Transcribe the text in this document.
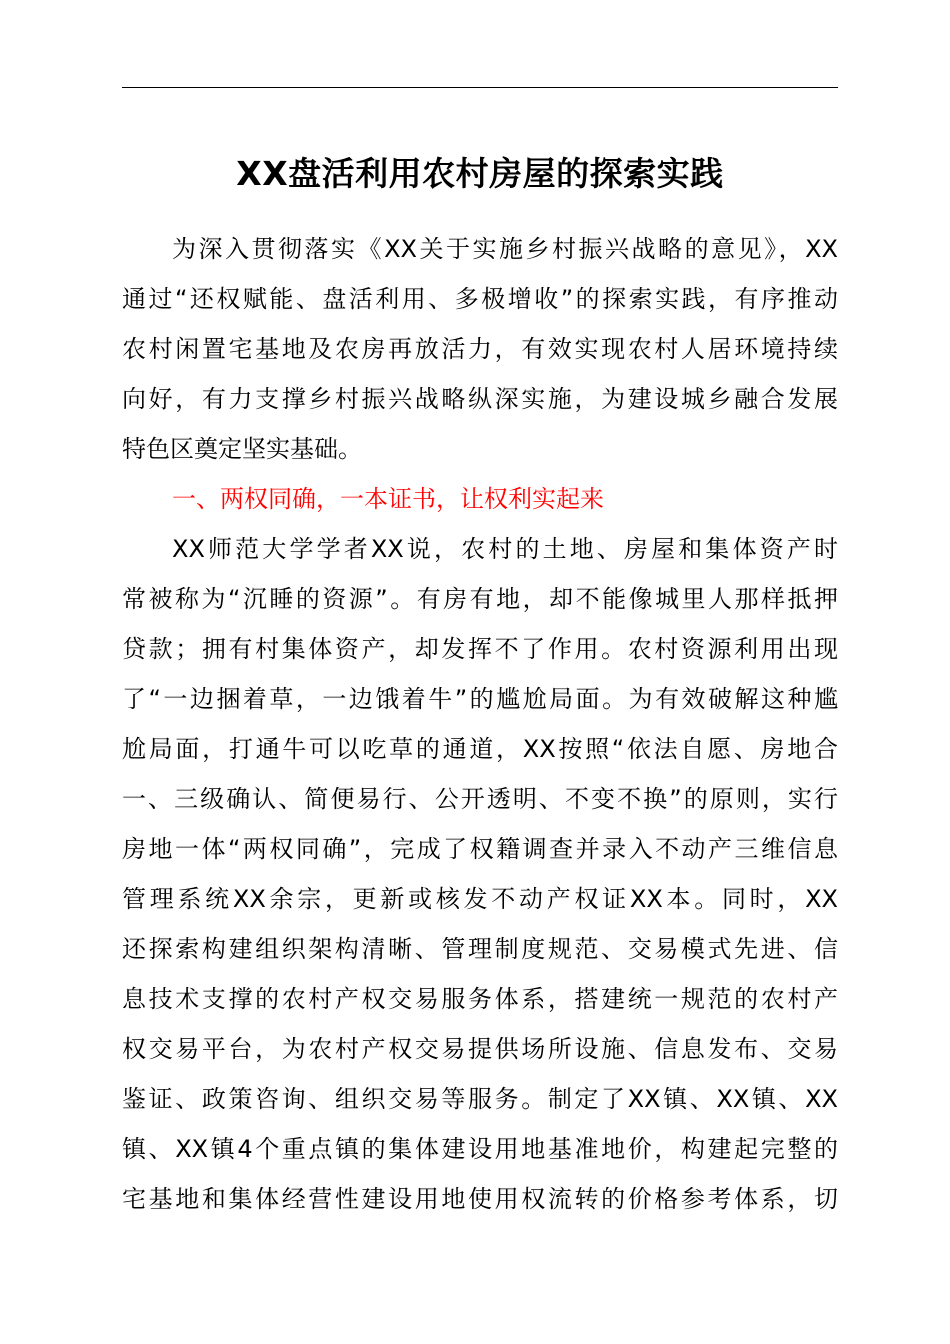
XX盘活利用农村房屋的探索实践
为深入贯彻落实《XX关于实施乡村振兴战略的意见》，XX
通过“还权赋能、盘活利用、多极增收”的探索实践，有序推动
农村闲置宅基地及农房再放活力，有效实现农村人居环境持续
向好，有力支撑乡村振兴战略纵深实施，为建设城乡融合发展
特色区奠定坚实基础。
一、两权同确，一本证书，让权利实起来
XX师范大学学者XX说，农村的土地、房屋和集体资产时
常被称为“沉睡的资源”。有房有地，却不能像城里人那样抵押
贷款；拥有村集体资产，却发挥不了作用。农村资源利用出现
了“一边捆着草，一边饿着牛”的尴尬局面。为有效破解这种尴
尬局面，打通牛可以吃草的通道，XX按照“依法自愿、房地合
一、三级确认、简便易行、公开透明、不变不换”的原则，实行
房地一体“两权同确”，完成了权籍调查并录入不动产三维信息
管理系统XX余宗，更新或核发不动产权证XX本。同时，XX
还探索构建组织架构清晰、管理制度规范、交易模式先进、信
息技术支撑的农村产权交易服务体系，搭建统一规范的农村产
权交易平台，为农村产权交易提供场所设施、信息发布、交易
鉴证、政策咨询、组织交易等服务。制定了XX镇、XX镇、XX
镇、XX镇4个重点镇的集体建设用地基准地价，构建起完整的
宅基地和集体经营性建设用地使用权流转的价格参考体系，切
